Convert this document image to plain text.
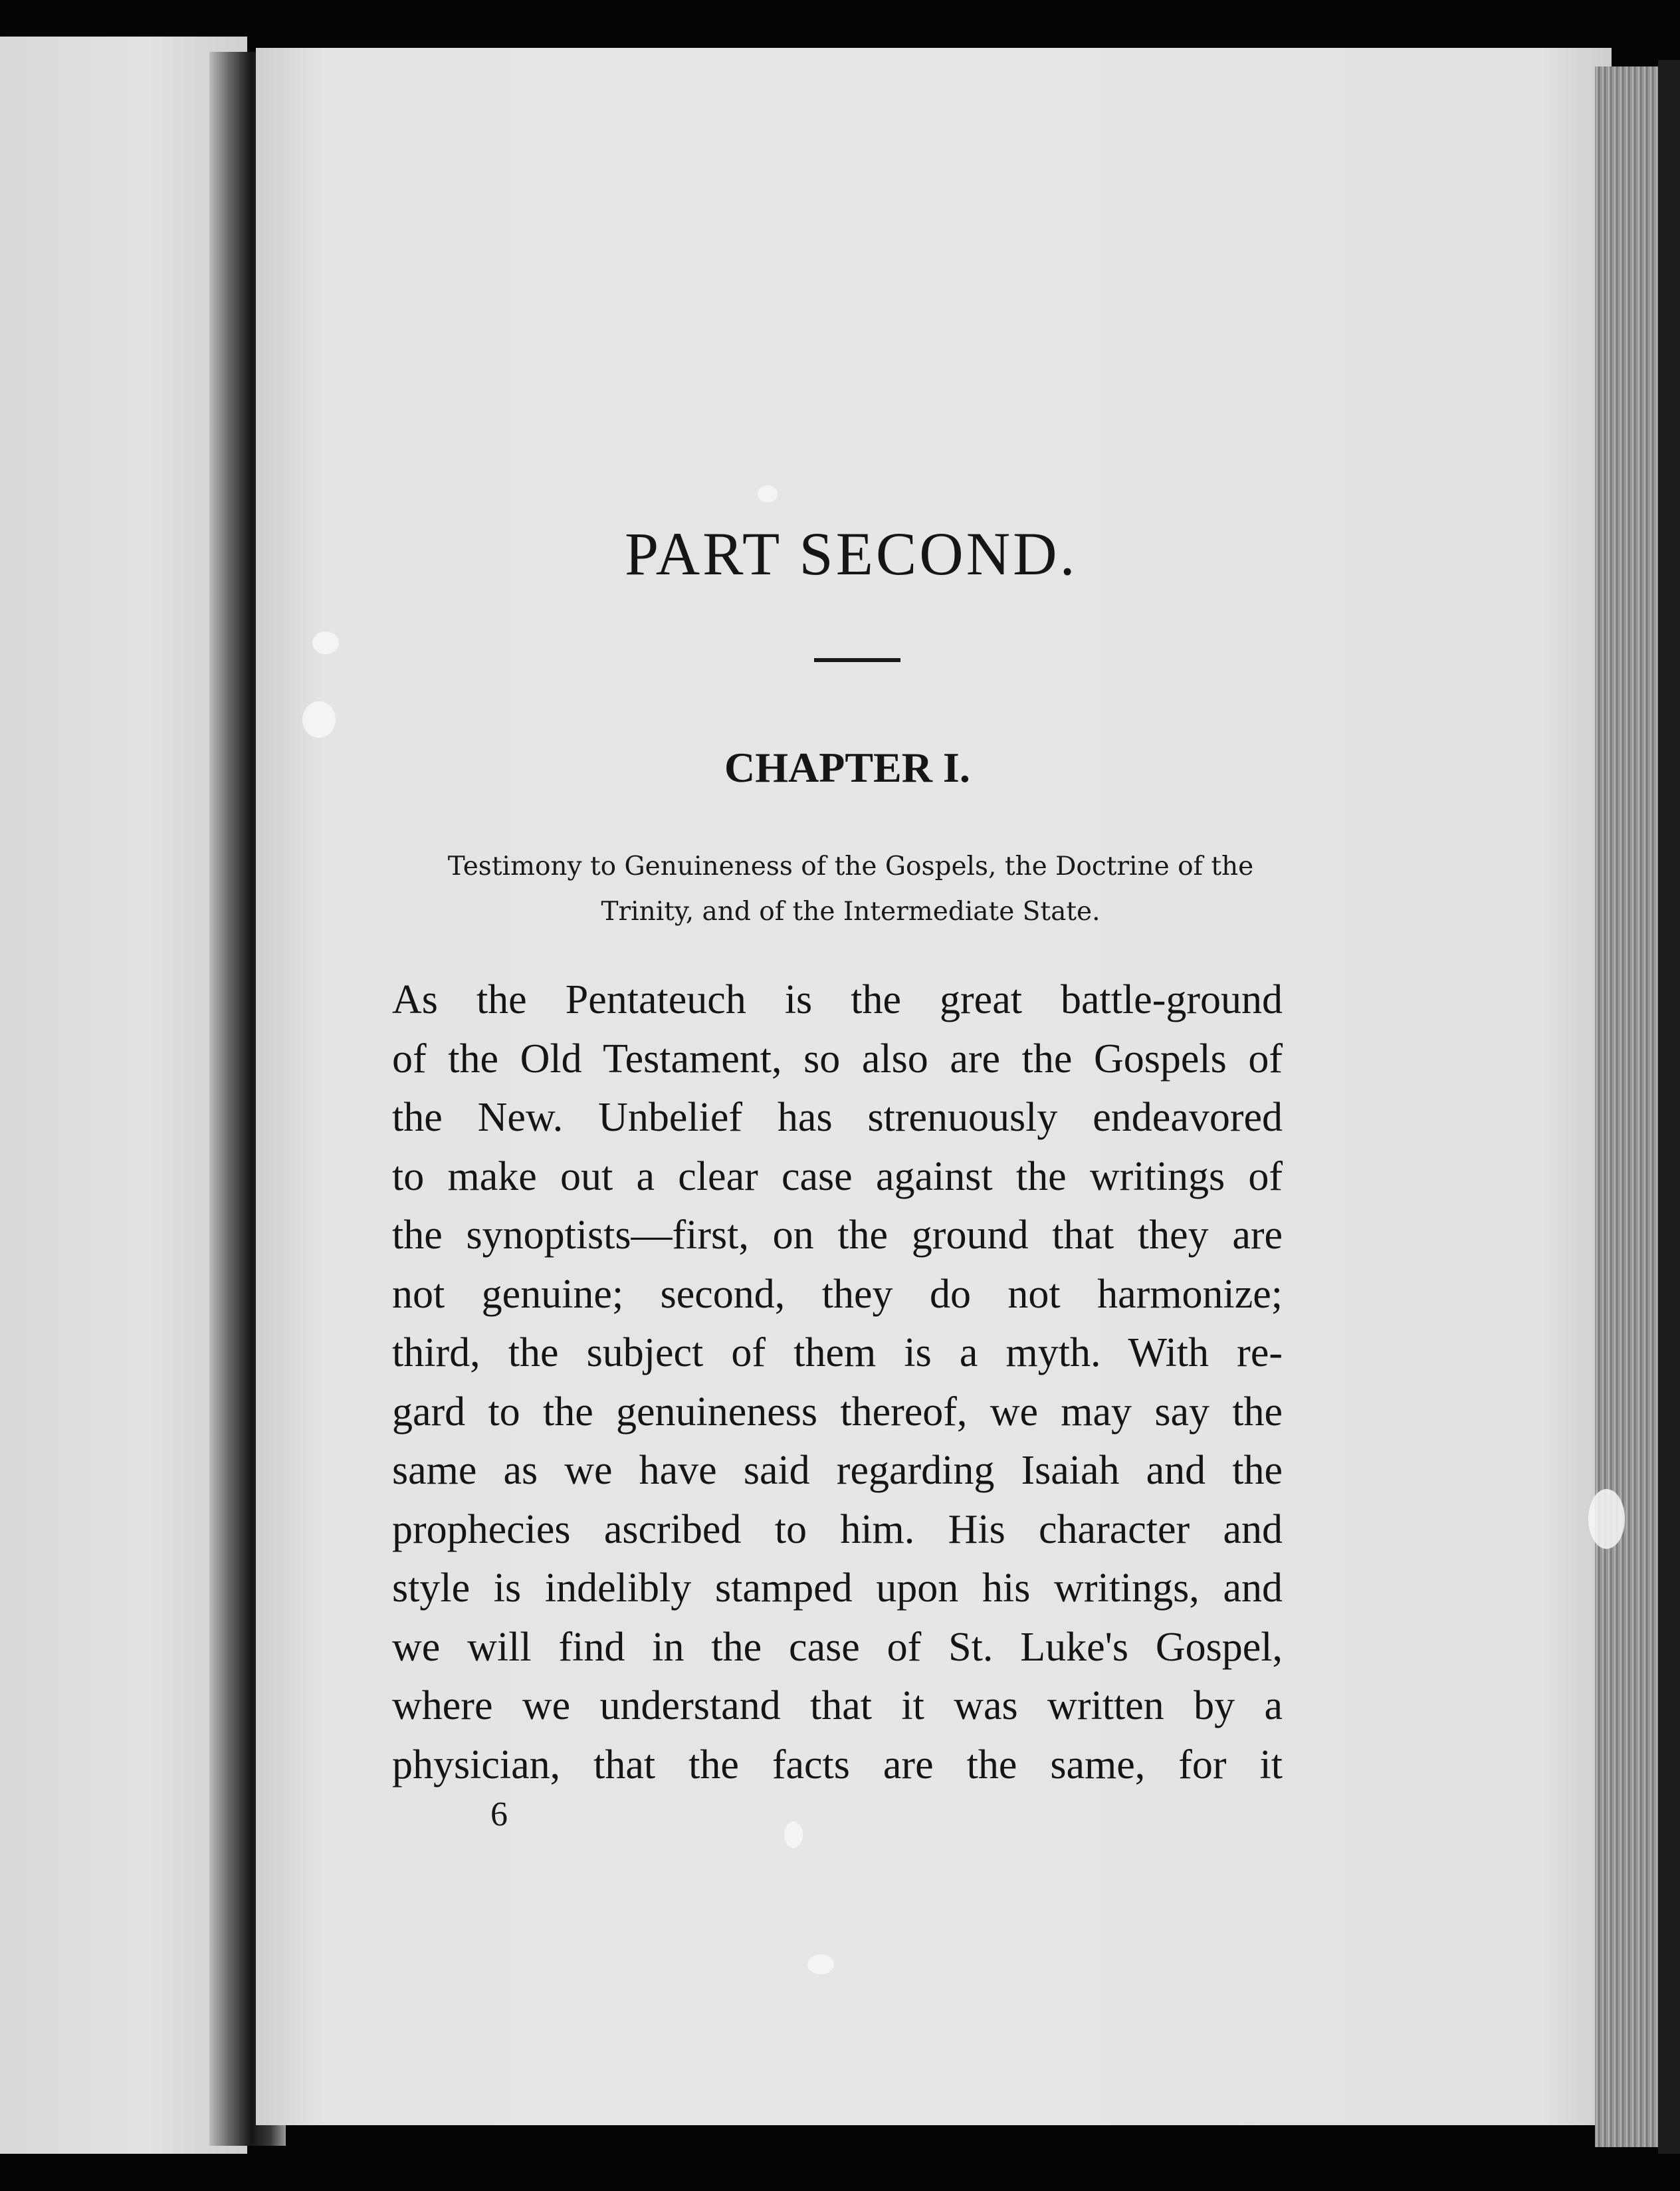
PART SECOND.
CHAPTER I.
Testimony to Genuineness of the Gospels, the Doctrine of the Trinity, and of the Intermediate State.
As the Pentateuch is the great battle-ground
of the Old Testament, so also are the Gospels of
the New. Unbelief has strenuously endeavored
to make out a clear case against the writings of
the synoptists—first, on the ground that they are
not genuine; second, they do not harmonize;
third, the subject of them is a myth. With re-
gard to the genuineness thereof, we may say the
same as we have said regarding Isaiah and the
prophecies ascribed to him. His character and
style is indelibly stamped upon his writings, and
we will find in the case of St. Luke's Gospel,
where we understand that it was written by a
physician, that the facts are the same, for it
6
